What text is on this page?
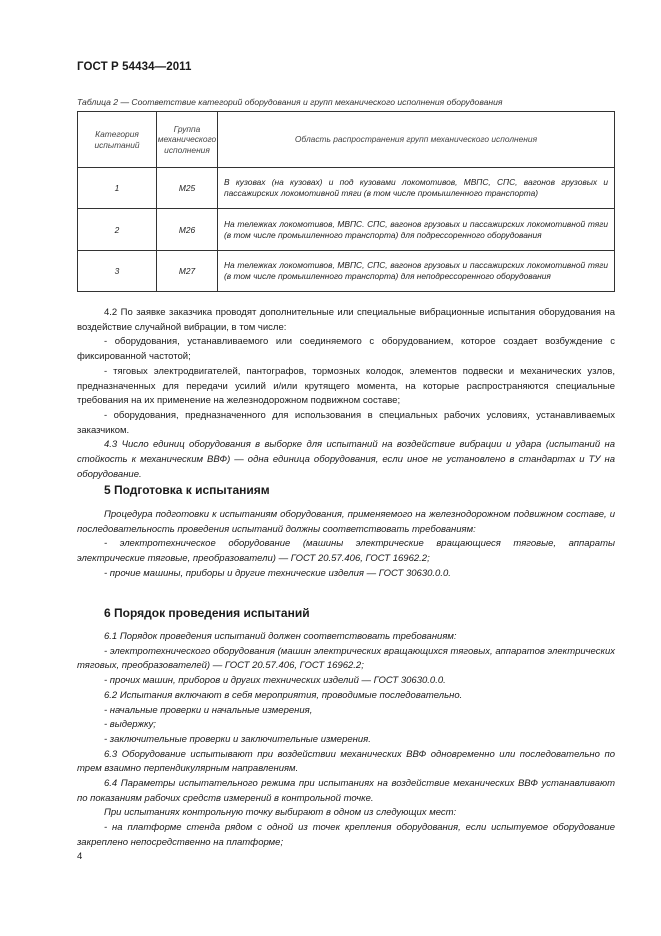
ГОСТ Р 54434—2011
Таблица 2 — Соответствие категорий оборудования и групп механического исполнения оборудования
Категория испытаний	Группа механического исполнения	Область распространения групп механического исполнения
1	М25	В кузовах (на кузовах) и под кузовами локомотивов, МВПС, СПС, вагонов грузовых и пассажирских локомотивной тяги (в том числе промышленного транспорта)
2	М26	На тележках локомотивов, МВПС. СПС, вагонов грузовых и пассажирских локомотивной тяги (в том числе промышленного транспорта) для подрессоренного оборудования
3	М27	На тележках локомотивов, МВПС, СПС, вагонов грузовых и пассажирских локомотивной тяги (в том числе промышленного транспорта) для неподрессоренного оборудования

4.2 По заявке заказчика проводят дополнительные или специальные вибрационные испытания оборудования на воздействие случайной вибрации, в том числе:

- оборудования, устанавливаемого или соединяемого с оборудованием, которое создает возбуждение с фиксированной частотой;

- тяговых электродвигателей, пантографов, тормозных колодок, элементов подвески и механических узлов, предназначенных для передачи усилий и/или крутящего момента, на которые распространяются специальные требования на их применение на железнодорожном подвижном составе;

- оборудования, предназначенного для использования в специальных рабочих условиях, устанавливаемых заказчиком.

4.3 Число единиц оборудования в выборке для испытаний на воздействие вибрации и удара (испытаний на стойкость к механическим ВВФ) — одна единица оборудования, если иное не установлено в стандартах и ТУ на оборудование.

5 Подготовка к испытаниям

Процедура подготовки к испытаниям оборудования, применяемого на железнодорожном подвижном составе, и последовательность проведения испытаний должны соответствовать требованиям:

- электротехническое оборудование (машины электрические вращающиеся тяговые, аппараты электрические тяговые, преобразователи) — ГОСТ 20.57.406, ГОСТ 16962.2;

- прочие машины, приборы и другие технические изделия — ГОСТ 30630.0.0.

6 Порядок проведения испытаний

6.1 Порядок проведения испытаний должен соответствовать требованиям:

- электротехнического оборудования (машин электрических вращающихся тяговых, аппаратов электрических тяговых, преобразователей) — ГОСТ 20.57.406, ГОСТ 16962.2;

- прочих машин, приборов и других технических изделий — ГОСТ 30630.0.0.

6.2 Испытания включают в себя мероприятия, проводимые последовательно.

- начальные проверки и начальные измерения,

- выдержку;

- заключительные проверки и заключительные измерения.

6.3 Оборудование испытывают при воздействии механических ВВФ одновременно или последовательно по трем взаимно перпендикулярным направлениям.

6.4 Параметры испытательного режима при испытаниях на воздействие механических ВВФ устанавливают по показаниям рабочих средств измерений в контрольной точке.

При испытаниях контрольную точку выбирают в одном из следующих мест:

- на платформе стенда рядом с одной из точек крепления оборудования, если испытуемое оборудование закреплено непосредственно на платформе;

4
